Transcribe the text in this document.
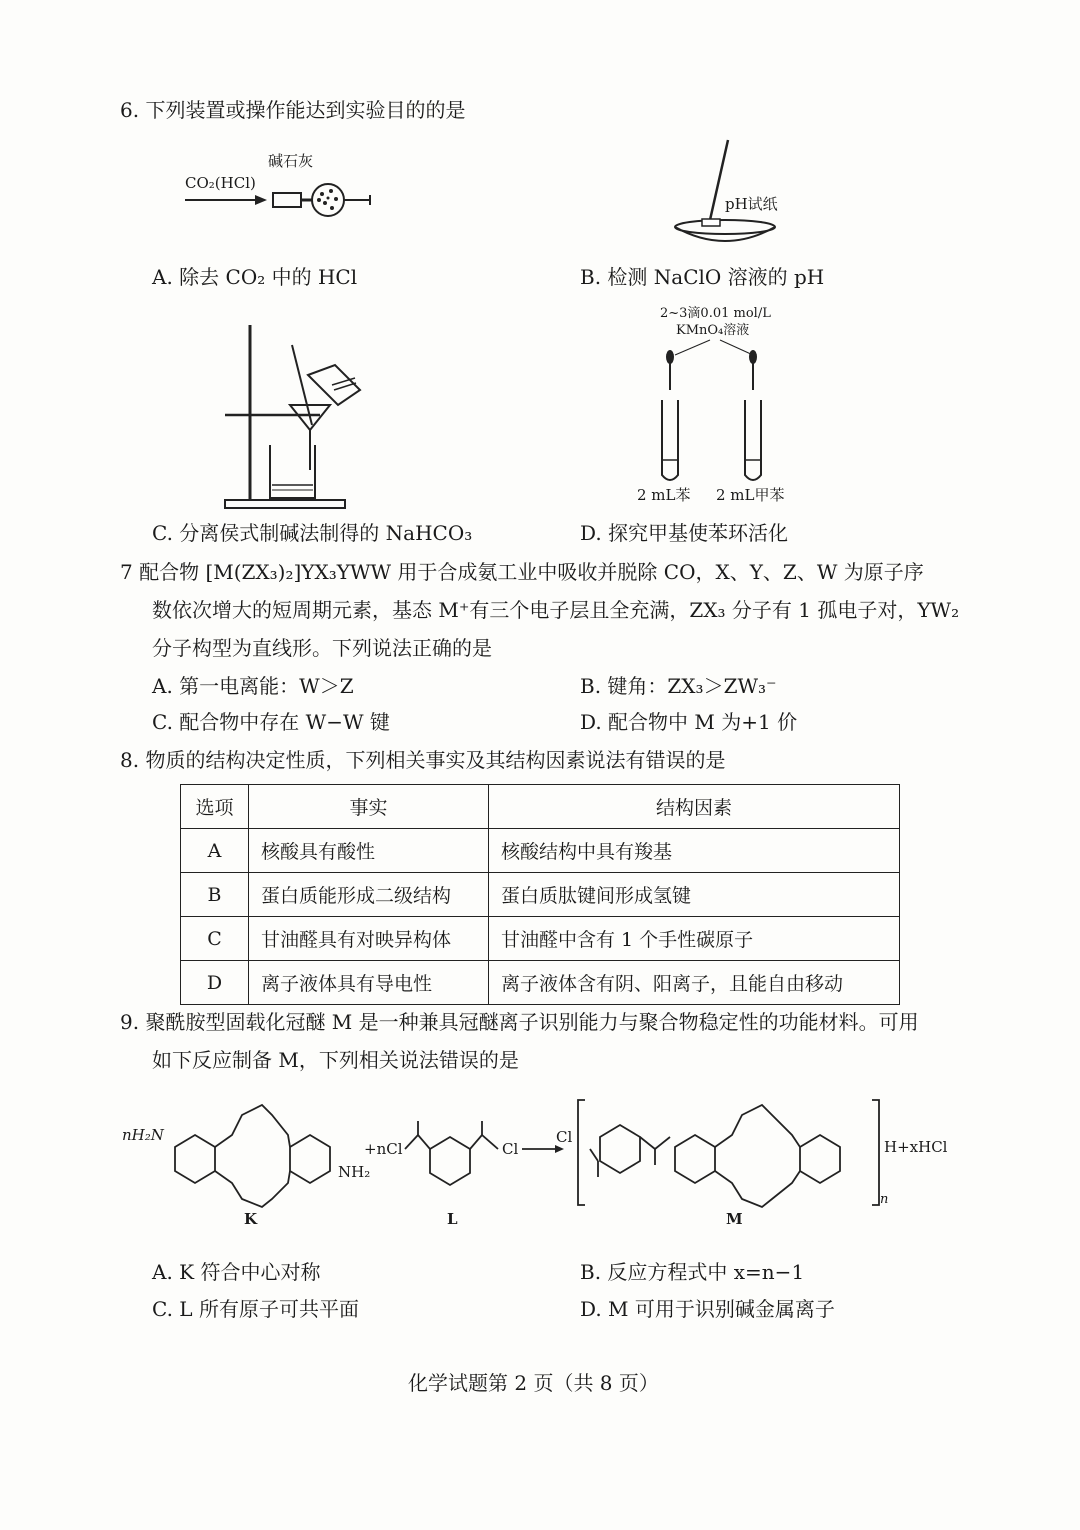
6. 下列装置或操作能达到实验目的的是
CO₂(HCl)
碱石灰
pH试纸
A. 除去 CO₂ 中的 HCl	B. 检测 NaClO 溶液的 pH
2~3滴0.01 mol/L
KMnO₄溶液
2 mL苯 2 mL甲苯
C. 分离侯式制碱法制得的 NaHCO₃	D. 探究甲基使苯环活化
7 配合物 [M(ZX₃)₂]YX₃YWW 用于合成氨工业中吸收并脱除 CO，X、Y、Z、W 为原子序
数依次增大的短周期元素，基态 M⁺有三个电子层且全充满，ZX₃ 分子有 1 孤电子对，YW₂
分子构型为直线形。下列说法正确的是
A. 第一电离能：W＞Z	B. 键角：ZX₃＞ZW₃⁻
C. 配合物中存在 W−W 键	D. 配合物中 M 为+1 价
8. 物质的结构决定性质，下列相关事实及其结构因素说法有错误的是
选项	事实	结构因素
A	核酸具有酸性	核酸结构中具有羧基
B	蛋白质能形成二级结构	蛋白质肽键间形成氢键
C	甘油醛具有对映异构体	甘油醛中含有 1 个手性碳原子
D	离子液体具有导电性	离子液体含有阴、阳离子，且能自由移动
9. 聚酰胺型固载化冠醚 M 是一种兼具冠醚离子识别能力与聚合物稳定性的功能材料。可用
如下反应制备 M，下列相关说法错误的是
nH₂N
NH₂
+nCl	Cl
Cl
H+xHCl
n
K	L	M
A. K 符合中心对称	B. 反应方程式中 x=n−1
C. L 所有原子可共平面	D. M 可用于识别碱金属离子
化学试题第 2 页（共 8 页）
